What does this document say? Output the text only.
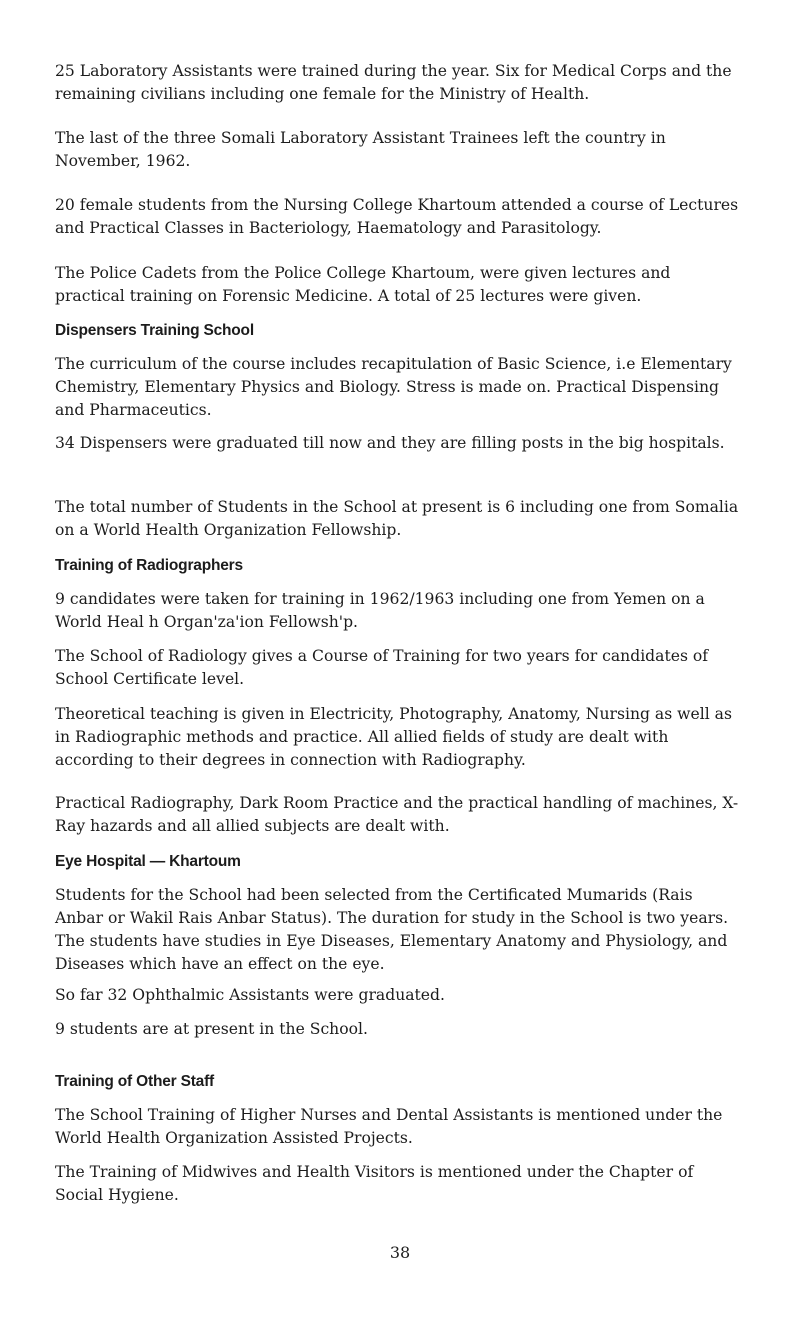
25 Laboratory Assistants were trained during the year. Six for Medical Corps and the remaining civilians including one female for the Ministry of Health.

The last of the three Somali Laboratory Assistant Trainees left the country in November, 1962.

20 female students from the Nursing College Khartoum attended a course of Lectures and Practical Classes in Bacteriology, Haematology and Parasitology.

The Police Cadets from the Police College Khartoum, were given lectures and practical training on Forensic Medicine. A total of 25 lectures were given.

Dispensers Training School

The curriculum of the course includes recapitulation of Basic Science, i.e Elementary Chemistry, Elementary Physics and Biology. Stress is made on. Practical Dispensing and Pharmaceutics.

34 Dispensers were graduated till now and they are filling posts in the big hospitals.

The total number of Students in the School at present is 6 including one from Somalia on a World Health Organization Fellowship.

Training of Radiographers

9 candidates were taken for training in 1962/1963 including one from Yemen on a World Heal h Organ'za'ion Fellowsh'p.

The School of Radiology gives a Course of Training for two years for candidates of School Certificate level.

Theoretical teaching is given in Electricity, Photography, Anatomy, Nursing as well as in Radiographic methods and practice. All allied fields of study are dealt with according to their degrees in connection with Radiography.

Practical Radiography, Dark Room Practice and the practical handling of machines, X-Ray hazards and all allied subjects are dealt with.

Eye Hospital — Khartoum

Students for the School had been selected from the Certificated Mumarids (Rais Anbar or Wakil Rais Anbar Status). The duration for study in the School is two years. The students have studies in Eye Diseases, Elementary Anatomy and Physiology, and Diseases which have an effect on the eye.

So far 32 Ophthalmic Assistants were graduated.

9 students are at present in the School.

Training of Other Staff

The School Training of Higher Nurses and Dental Assistants is mentioned under the World Health Organization Assisted Projects.

The Training of Midwives and Health Visitors is mentioned under the Chapter of Social Hygiene.

38
